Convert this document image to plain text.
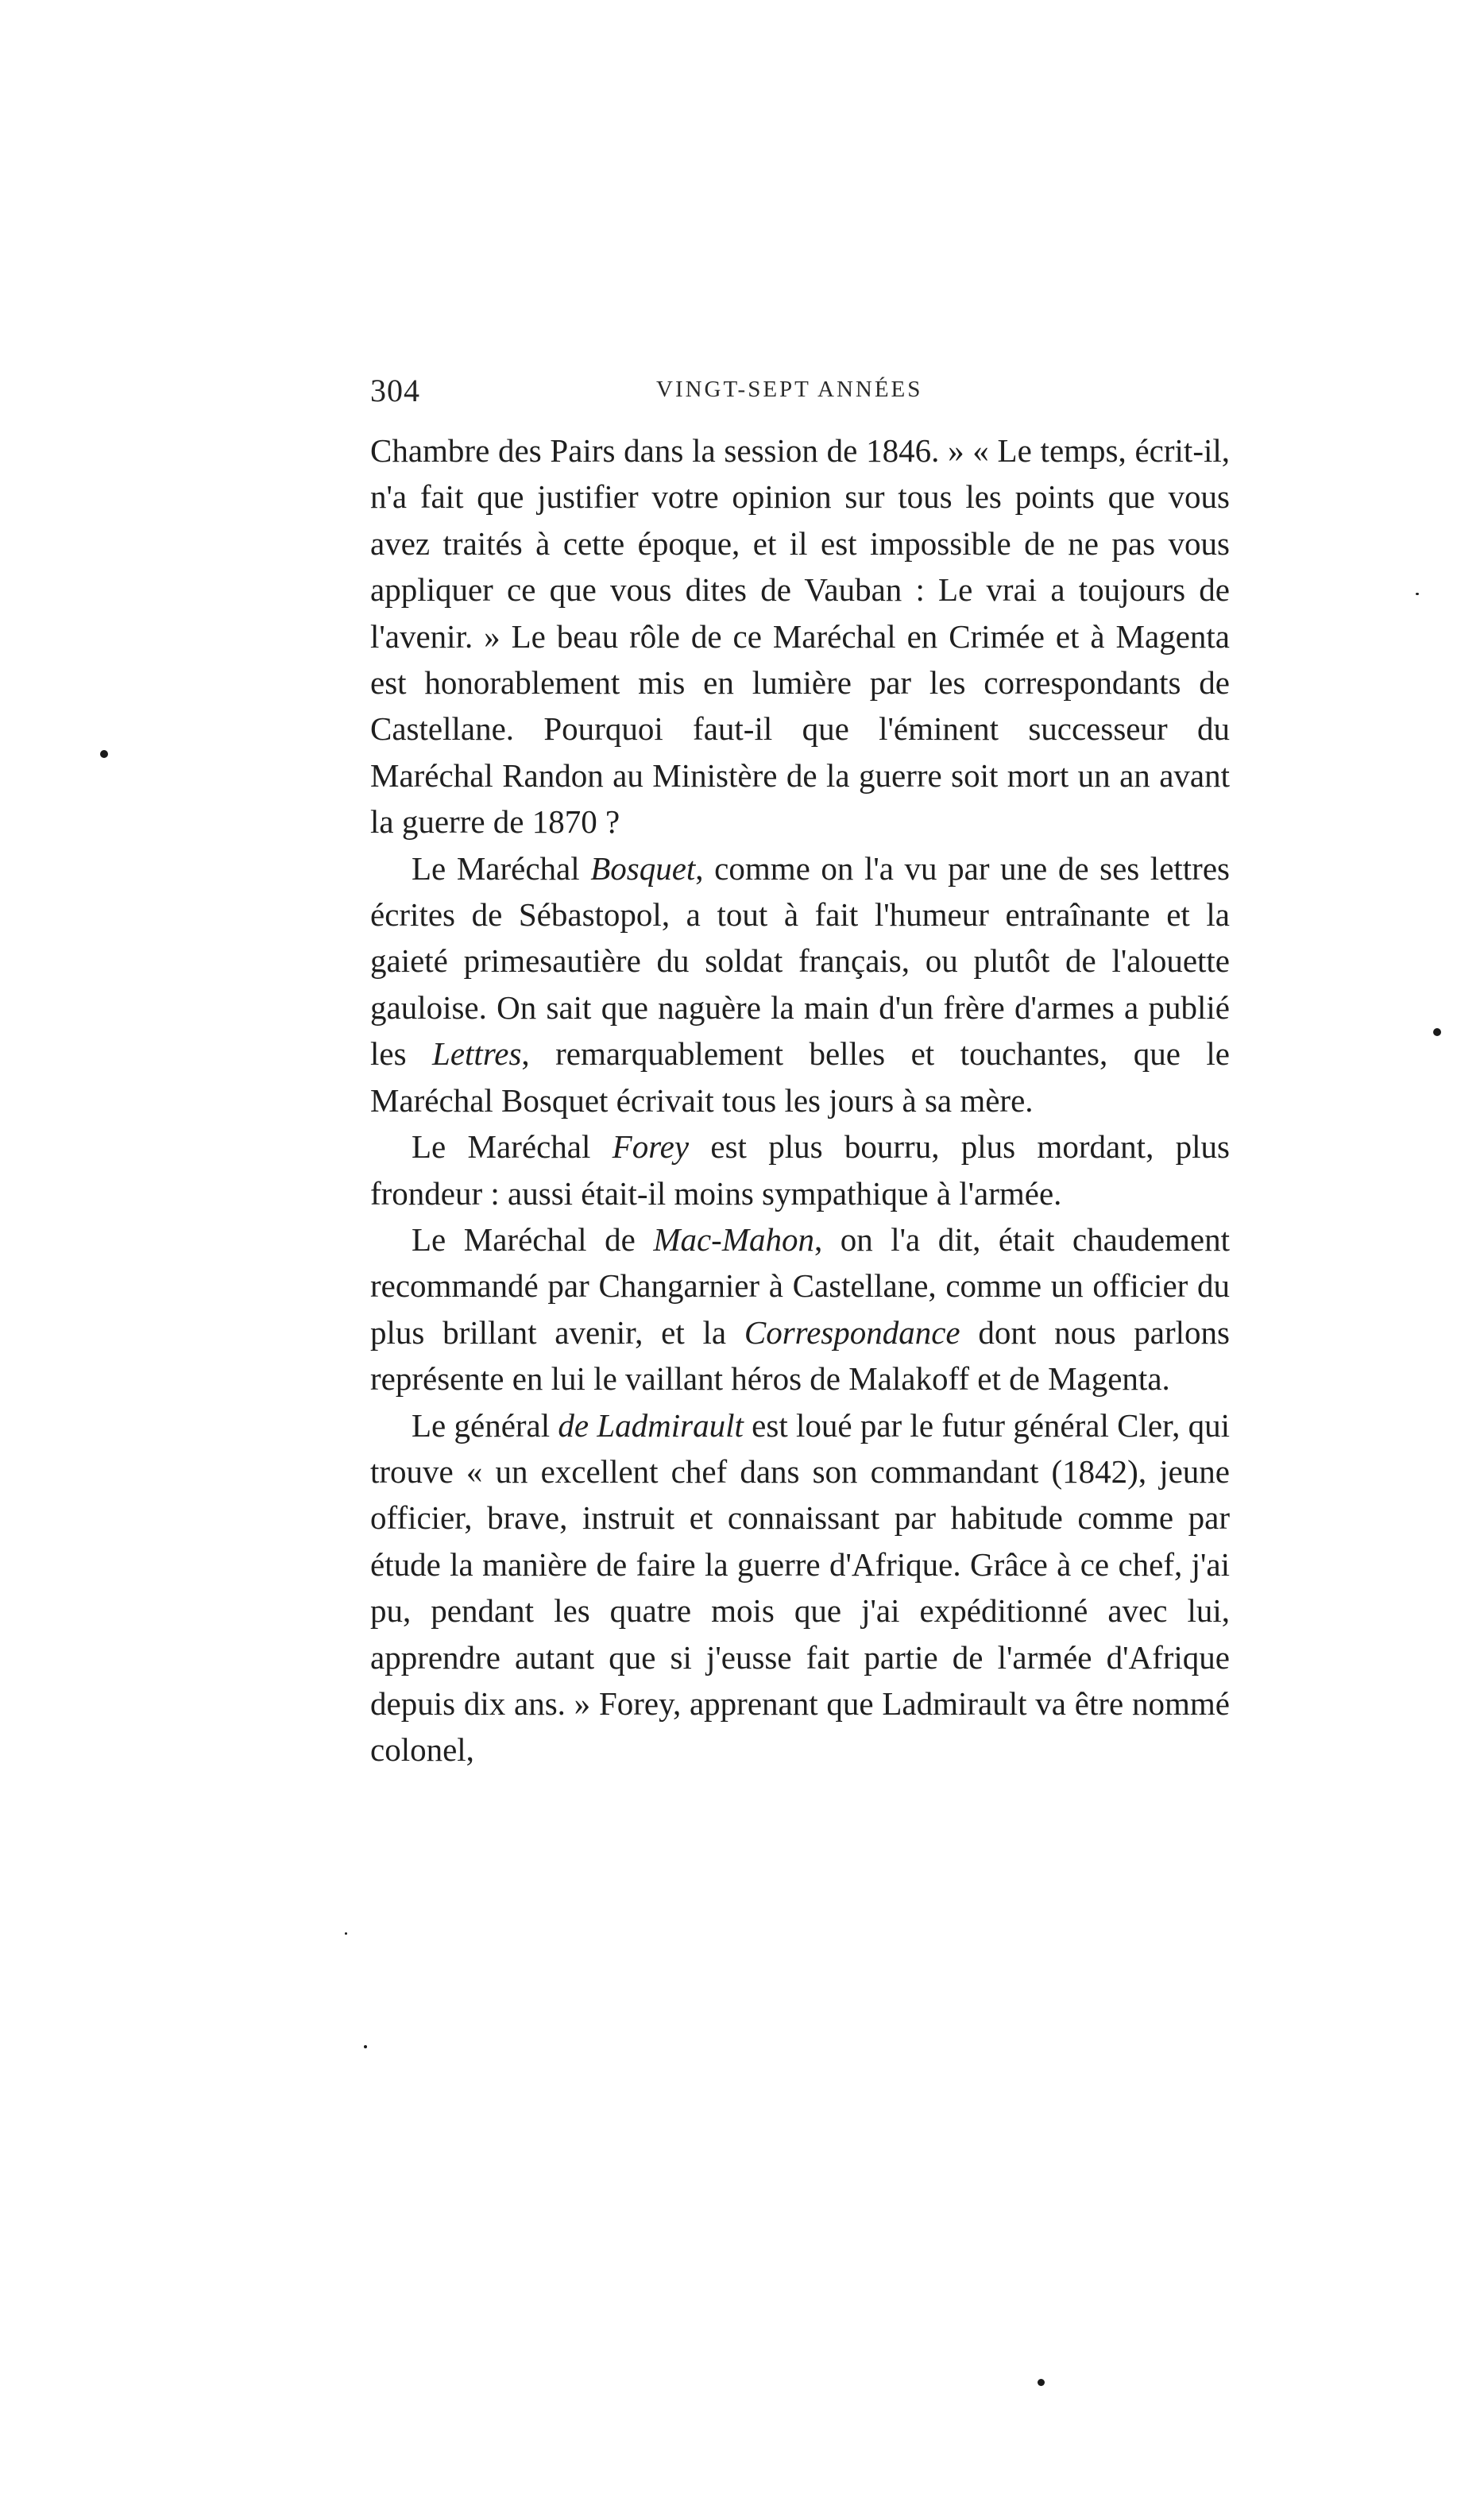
304	VINGT-SEPT ANNÉES

Chambre des Pairs dans la session de 1846. » « Le temps, écrit-il, n'a fait que justifier votre opinion sur tous les points que vous avez traités à cette époque, et il est impossible de ne pas vous appliquer ce que vous dites de Vauban : Le vrai a toujours de l'avenir. » Le beau rôle de ce Maréchal en Crimée et à Magenta est honorablement mis en lumière par les correspondants de Castellane. Pourquoi faut-il que l'éminent successeur du Maréchal Randon au Ministère de la guerre soit mort un an avant la guerre de 1870 ?

Le Maréchal Bosquet, comme on l'a vu par une de ses lettres écrites de Sébastopol, a tout à fait l'humeur entraînante et la gaieté primesautière du soldat français, ou plutôt de l'alouette gauloise. On sait que naguère la main d'un frère d'armes a publié les Lettres, remarquablement belles et touchantes, que le Maréchal Bosquet écrivait tous les jours à sa mère.

Le Maréchal Forey est plus bourru, plus mordant, plus frondeur : aussi était-il moins sympathique à l'armée.

Le Maréchal de Mac-Mahon, on l'a dit, était chaudement recommandé par Changarnier à Castellane, comme un officier du plus brillant avenir, et la Correspondance dont nous parlons représente en lui le vaillant héros de Malakoff et de Magenta.

Le général de Ladmirault est loué par le futur général Cler, qui trouve « un excellent chef dans son commandant (1842), jeune officier, brave, instruit et connaissant par habitude comme par étude la manière de faire la guerre d'Afrique. Grâce à ce chef, j'ai pu, pendant les quatre mois que j'ai expéditionné avec lui, apprendre autant que si j'eusse fait partie de l'armée d'Afrique depuis dix ans. » Forey, apprenant que Ladmirault va être nommé colonel,
